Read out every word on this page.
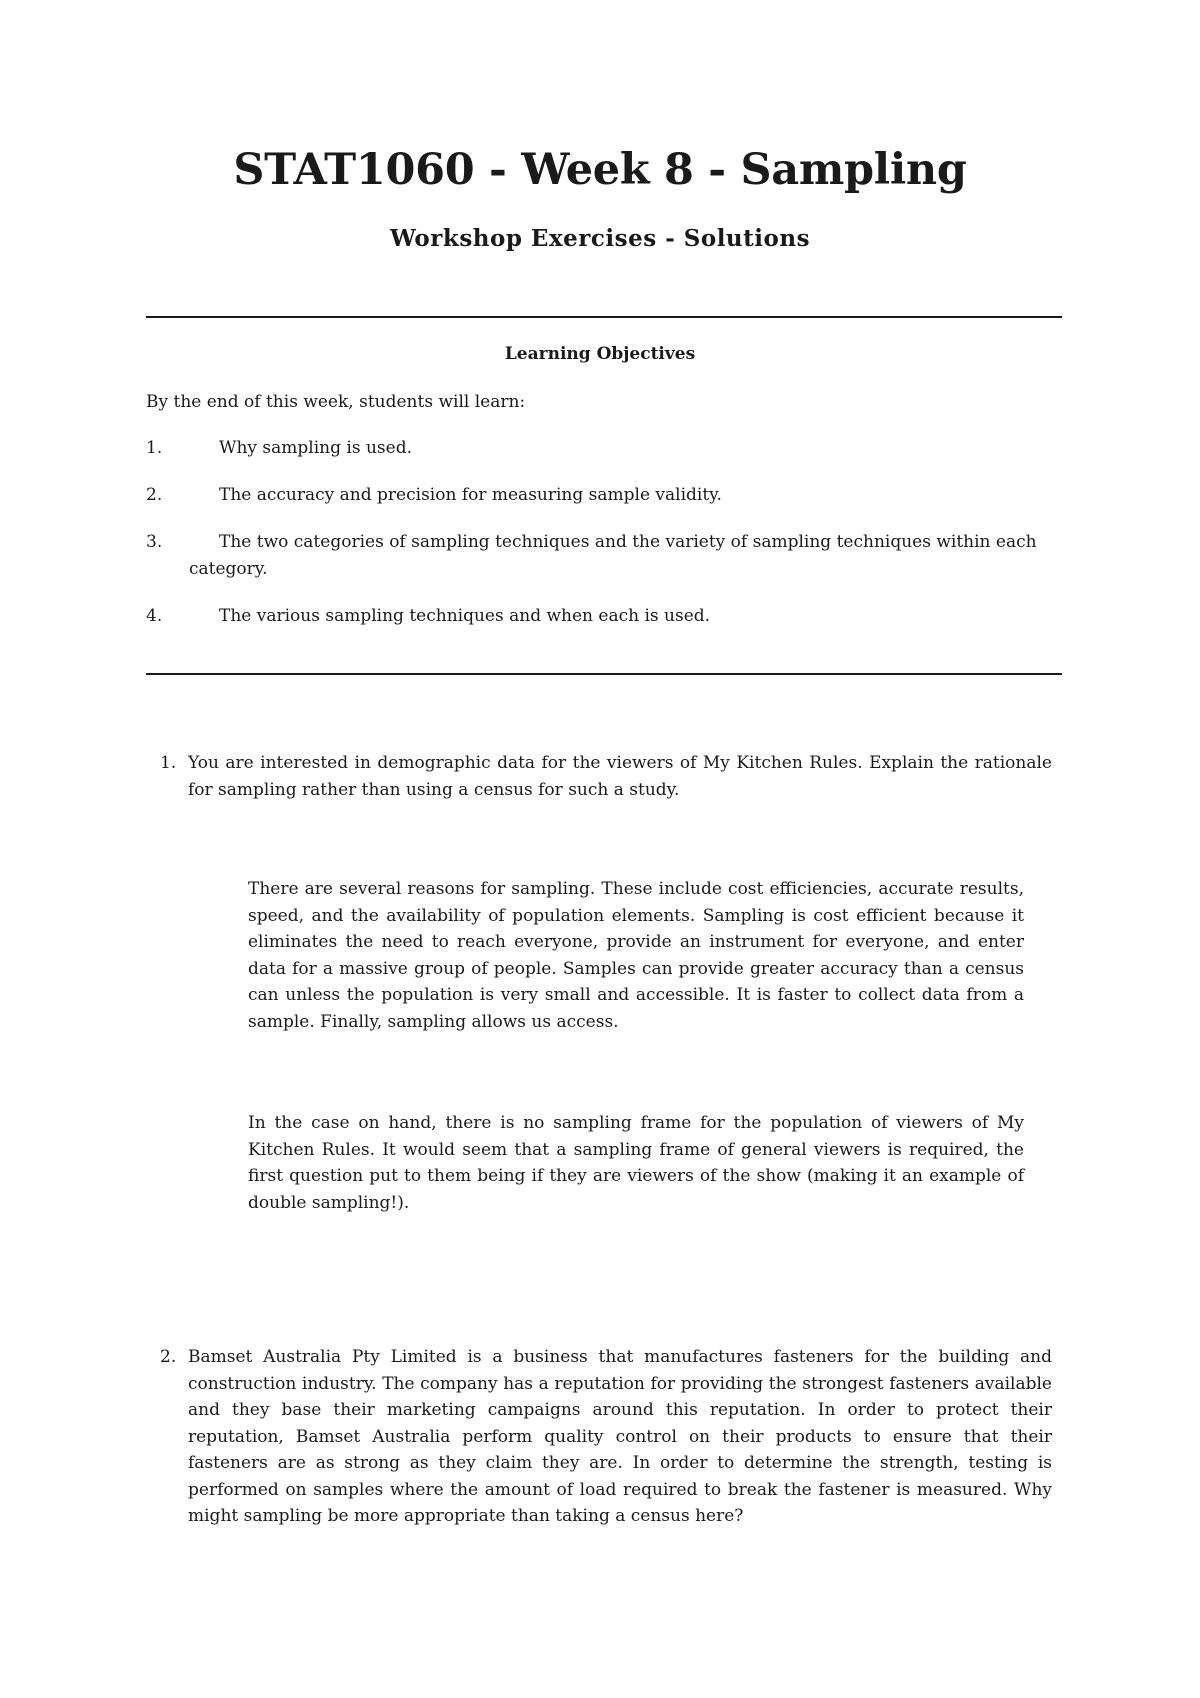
STAT1060 - Week 8 - Sampling
Workshop Exercises - Solutions
Learning Objectives
By the end of this week, students will learn:
1.	Why sampling is used.
2.	The accuracy and precision for measuring sample validity.
3.	The two categories of sampling techniques and the variety of sampling techniques within each category.
4.	The various sampling techniques and when each is used.
1. You are interested in demographic data for the viewers of My Kitchen Rules. Explain the rationale for sampling rather than using a census for such a study.

There are several reasons for sampling. These include cost efficiencies, accurate results, speed, and the availability of population elements. Sampling is cost efficient because it eliminates the need to reach everyone, provide an instrument for everyone, and enter data for a massive group of people. Samples can provide greater accuracy than a census can unless the population is very small and accessible. It is faster to collect data from a sample. Finally, sampling allows us access.

In the case on hand, there is no sampling frame for the population of viewers of My Kitchen Rules. It would seem that a sampling frame of general viewers is required, the first question put to them being if they are viewers of the show (making it an example of double sampling!).

2. Bamset Australia Pty Limited is a business that manufactures fasteners for the building and construction industry. The company has a reputation for providing the strongest fasteners available and they base their marketing campaigns around this reputation. In order to protect their reputation, Bamset Australia perform quality control on their products to ensure that their fasteners are as strong as they claim they are. In order to determine the strength, testing is performed on samples where the amount of load required to break the fastener is measured. Why might sampling be more appropriate than taking a census here?
